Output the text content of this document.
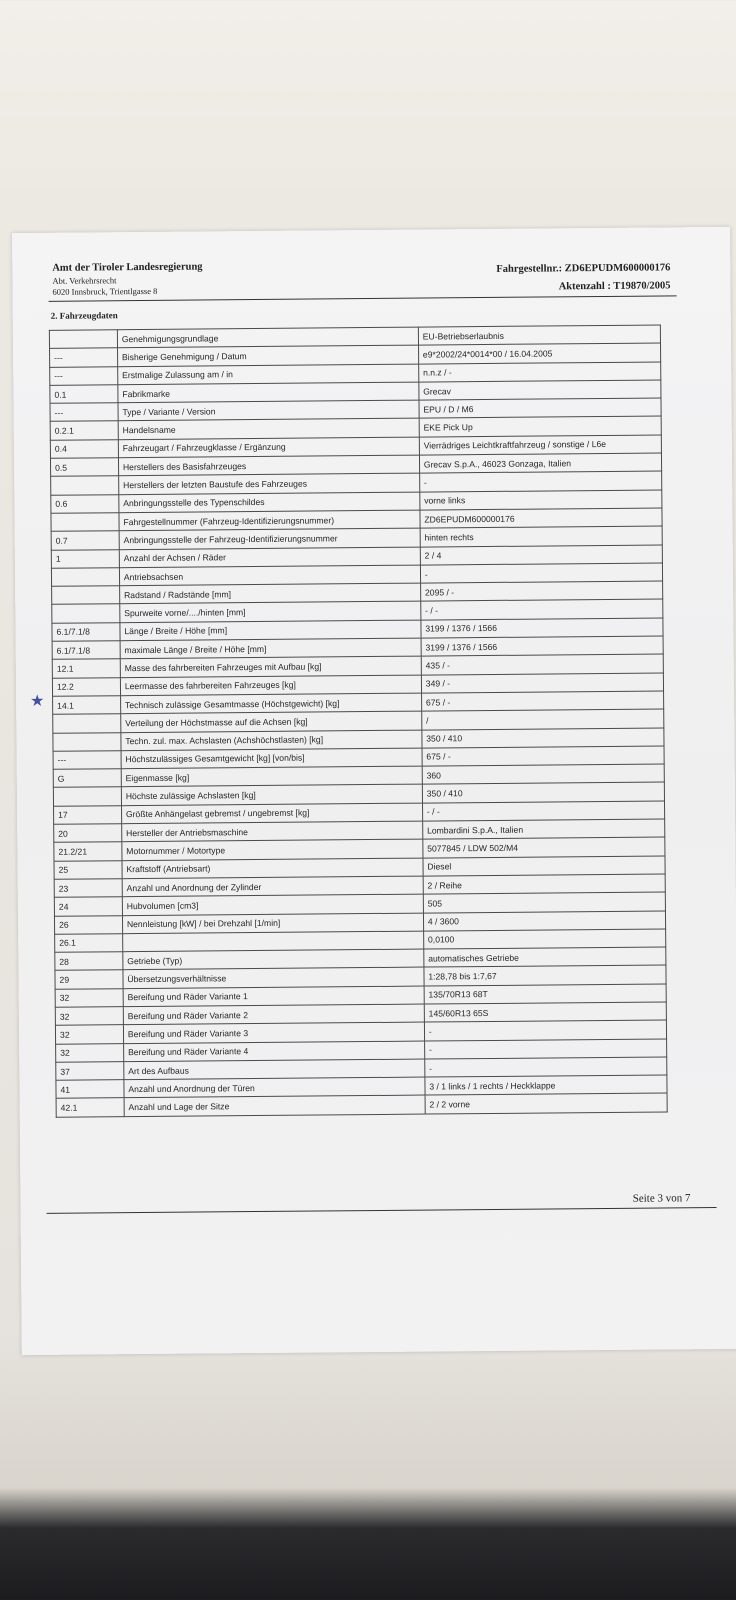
Amt der Tiroler Landesregierung
Abt. Verkehrsrecht
6020 Innsbruck, Trientlgasse 8
Fahrgestellnr.: ZD6EPUDM600000176
Aktenzahl : T19870/2005
2. Fahrzeugdaten
★
	Genehmigungsgrundlage	EU-Betriebserlaubnis
---	Bisherige Genehmigung / Datum	e9*2002/24*0014*00 / 16.04.2005
---	Erstmalige Zulassung am / in	n.n.z / -
0.1	Fabrikmarke	Grecav
---	Type / Variante / Version	EPU / D / M6
0.2.1	Handelsname	EKE Pick Up
0.4	Fahrzeugart / Fahrzeugklasse / Ergänzung	Vierrädriges Leichtkraftfahrzeug / sonstige / L6e
0.5	Herstellers des Basisfahrzeuges	Grecav S.p.A., 46023 Gonzaga, Italien
	Herstellers der letzten Baustufe des Fahrzeuges	-
0.6	Anbringungsstelle des Typenschildes	vorne links
	Fahrgestellnummer (Fahrzeug-Identifizierungsnummer)	ZD6EPUDM600000176
0.7	Anbringungsstelle der Fahrzeug-Identifizierungsnummer	hinten rechts
1	Anzahl der Achsen / Räder	2 / 4
	Antriebsachsen	-
	Radstand / Radstände [mm]	2095 / -
	Spurweite vorne/..../hinten [mm]	- / -
6.1/7.1/8	Länge / Breite / Höhe [mm]	3199 / 1376 / 1566
6.1/7.1/8	maximale Länge / Breite / Höhe [mm]	3199 / 1376 / 1566
12.1	Masse des fahrbereiten Fahrzeuges mit Aufbau [kg]	435 / -
12.2	Leermasse des fahrbereiten Fahrzeuges [kg]	349 / -
14.1	Technisch zulässige Gesamtmasse (Höchstgewicht) [kg]	675 / -
	Verteilung der Höchstmasse auf die Achsen [kg]	/
	Techn. zul. max. Achslasten (Achshöchstlasten) [kg]	350 / 410
---	Höchstzulässiges Gesamtgewicht [kg] [von/bis]	675 / -
G	Eigenmasse [kg]	360
	Höchste zulässige Achslasten [kg]	350 / 410
17	Größte Anhängelast gebremst / ungebremst [kg]	- / -
20	Hersteller der Antriebsmaschine	Lombardini S.p.A., Italien
21.2/21	Motornummer / Motortype	5077845 / LDW 502/M4
25	Kraftstoff (Antriebsart)	Diesel
23	Anzahl und Anordnung der Zylinder	2 / Reihe
24	Hubvolumen [cm3]	505
26	Nennleistung [kW] / bei Drehzahl [1/min]	4 / 3600
26.1		0,0100
28	Getriebe (Typ)	automatisches Getriebe
29	Übersetzungsverhältnisse	1:28,78 bis 1:7,67
32	Bereifung und Räder Variante 1	135/70R13 68T
32	Bereifung und Räder Variante 2	145/60R13 65S
32	Bereifung und Räder Variante 3	-
32	Bereifung und Räder Variante 4	-
37	Art des Aufbaus	-
41	Anzahl und Anordnung der Türen	3 / 1 links / 1 rechts / Heckklappe
42.1	Anzahl und Lage der Sitze	2 / 2 vorne
Seite 3 von 7
